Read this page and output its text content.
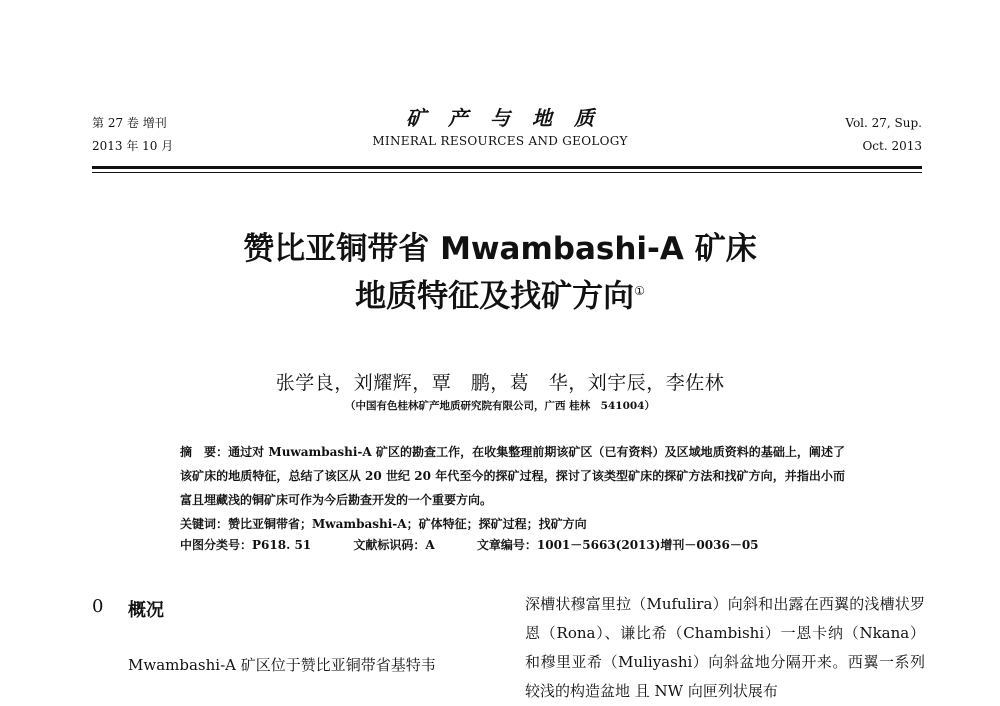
第 27 卷 增刊
2013 年 10 月
矿产与地质
MINERAL RESOURCES AND GEOLOGY
Vol. 27, Sup.
Oct. 2013
赞比亚铜带省 Mwambashi-A 矿床
地质特征及找矿方向①
张学良，刘耀辉，覃　鹏，葛　华，刘宇辰，李佐林
（中国有色桂林矿产地质研究院有限公司，广西 桂林　541004）

摘　要：通过对 Muwambashi-A 矿区的勘查工作，在收集整理前期该矿区（已有资料）及区域地质资料的基础上，阐述了该矿床的地质特征，总结了该区从 20 世纪 20 年代至今的探矿过程，探讨了该类型矿床的探矿方法和找矿方向，并指出小而富且埋藏浅的铜矿床可作为今后勘查开发的一个重要方向。

关键词：赞比亚铜带省；Mwambashi-A；矿体特征；探矿过程；找矿方向

中图分类号：P618. 51	文献标识码：A	文章编号：1001－5663(2013)增刊－0036－05
0 概况
Mwambashi-A 矿区位于赞比亚铜带省基特韦

深槽状穆富里拉（Mufulira）向斜和出露在西翼的浅槽状罗恩（Rona）、谦比希（Chambishi）一恩卡纳（Nkana）和穆里亚希（Muliyashi）向斜盆地分隔开来。西翼一系列较浅的构造盆地 且 NW 向匣列状展布
